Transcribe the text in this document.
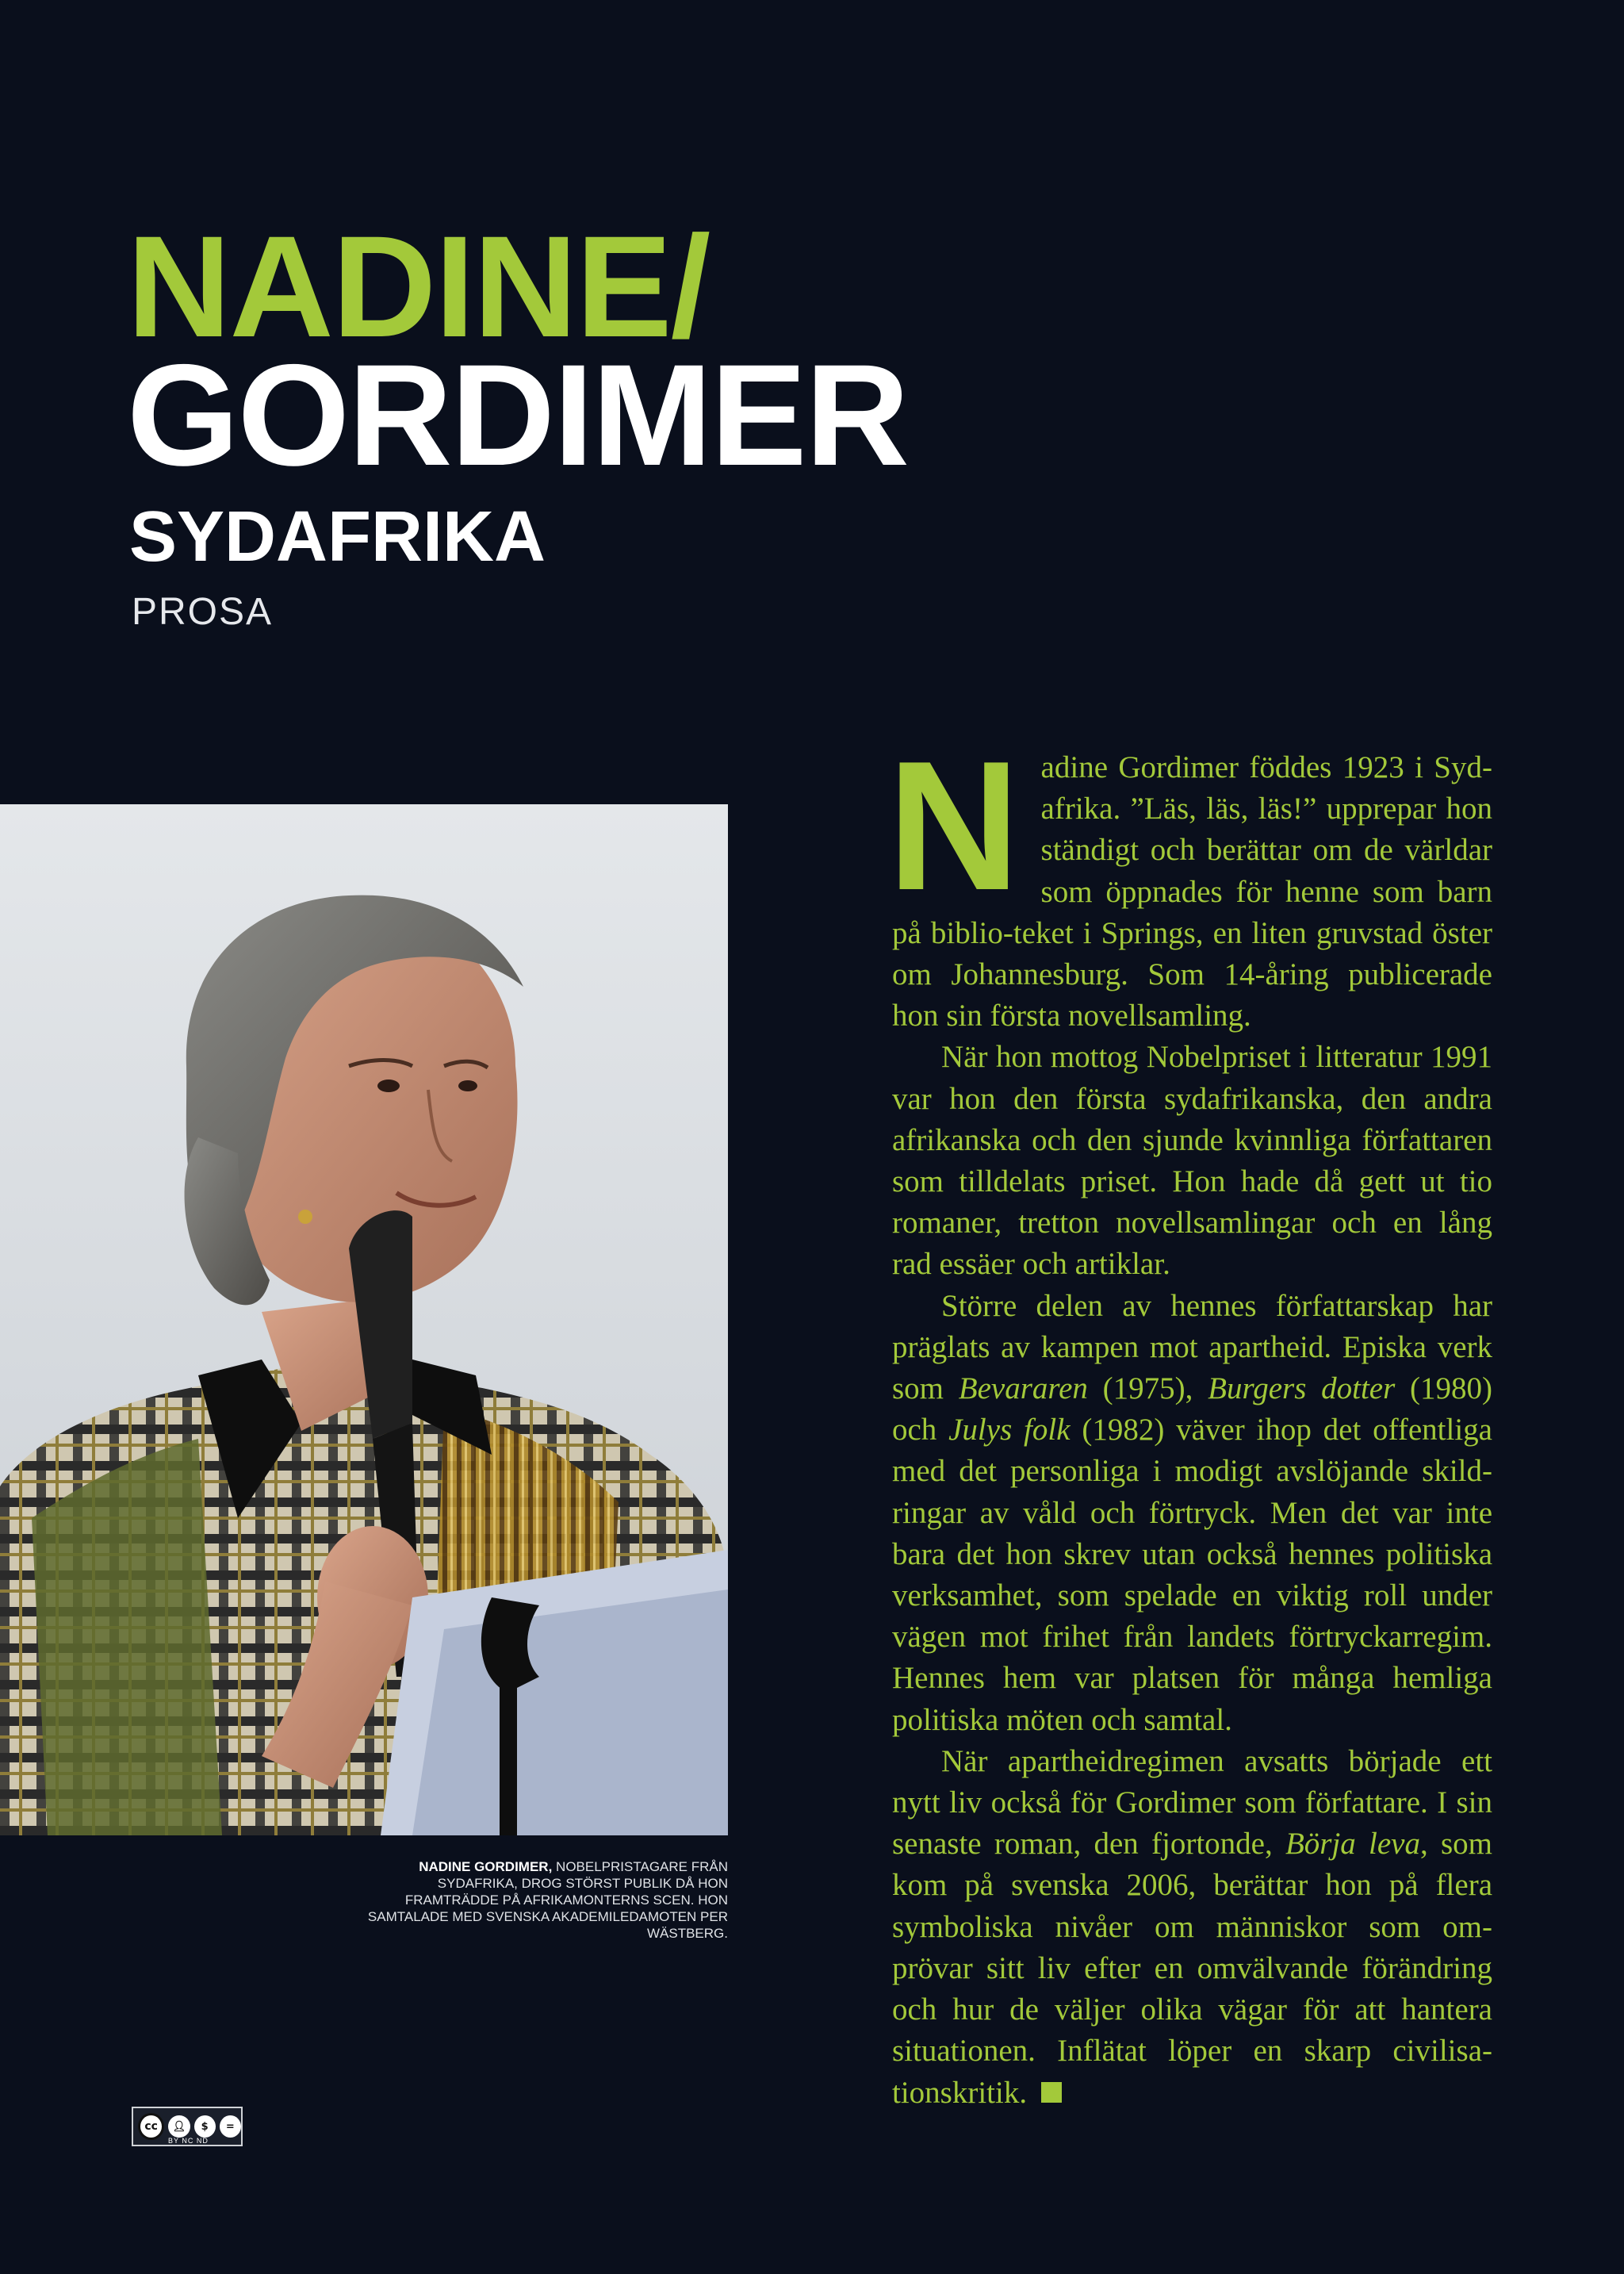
NADINE/
GORDIMER
SYDAFRIKA
PROSA
NADINE GORDIMER, NOBELPRISTAGARE FRÅN SYDAFRIKA, DROG STÖRST PUBLIK DÅ HON FRAMTRÄDDE PÅ AFRIKAMONTERNS SCEN. HON SAMTALADE MED SVENSKA AKADEMILEDAMOTEN PER WÄSTBERG.
cc	👤︎	$	=
BY NC ND

Nadine Gordimer föddes 1923 i Syd-afrika. ”Läs, läs, läs!” upprepar hon ständigt och berättar om de världar som öppnades för henne som barn på biblio-teket i Springs, en liten gruvstad öster om Johannesburg. Som 14-åring publicerade hon sin första novellsamling.

När hon mottog Nobelpriset i litteratur 1991 var hon den första sydafrikanska, den andra afrikanska och den sjunde kvinnliga författaren som tilldelats priset. Hon hade då gett ut tio romaner, tretton novellsamlingar och en lång rad essäer och artiklar.

Större delen av hennes författarskap har präglats av kampen mot apartheid. Episka verk som Bevararen (1975), Burgers dotter (1980) och Julys folk (1982) väver ihop det offentliga med det personliga i modigt avslöjande skild-ringar av våld och förtryck. Men det var inte bara det hon skrev utan också hennes politiska verksamhet, som spelade en viktig roll under vägen mot frihet från landets förtryckarregim. Hennes hem var platsen för många hemliga politiska möten och samtal.

När apartheidregimen avsatts började ett nytt liv också för Gordimer som författare. I sin senaste roman, den fjortonde, Börja leva, som kom på svenska 2006, berättar hon på flera symboliska nivåer om människor som om-prövar sitt liv efter en omvälvande förändring och hur de väljer olika vägar för att hantera situationen. Inflätat löper en skarp civilisa-tionskritik.
